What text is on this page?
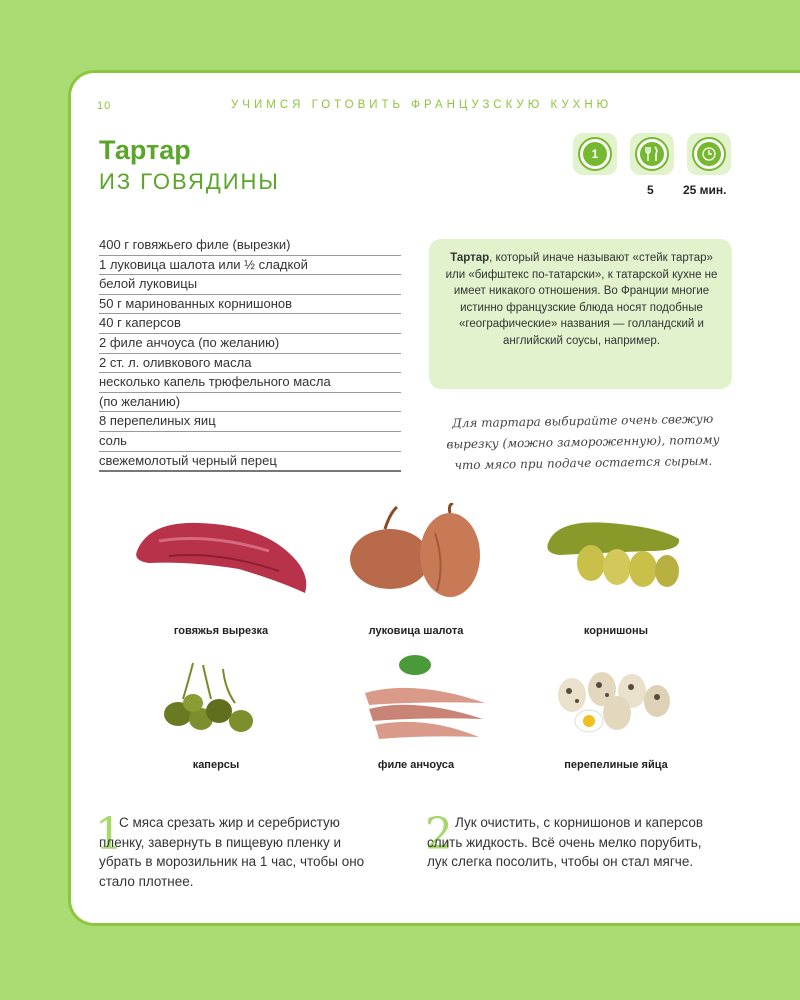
10	УЧИМСЯ ГОТОВИТЬ ФРАНЦУЗСКУЮ КУХНЮ
Тартар
ИЗ ГОВЯДИНЫ
1
5 25 мин.
400 г говяжьего филе (вырезки)
1 луковица шалота или ½ сладкой
белой луковицы
50 г маринованных корнишонов
40 г каперсов
2 филе анчоуса (по желанию)
2 ст. л. оливкового масла
несколько капель трюфельного масла
(по желанию)
8 перепелиных яиц
соль
свежемолотый черный перец
Тартар, который иначе называют «стейк тартар» или «бифштекс по-татарски», к татарской кухне не имеет никакого отношения. Во Франции многие истинно французские блюда носят подобные «географические» названия — голландский и английский соусы, например.
Для тартара выбирайте очень свежую вырезку (можно замороженную), потому что мясо при подаче остается сырым.
говяжья вырезка	луковица шалота	корнишоны
каперсы	филе анчоуса	перепелиные яйца
1
С мяса срезать жир и серебристую пленку, завернуть в пищевую пленку и убрать в морозильник на 1 час, чтобы оно стало плотнее.
2 Лук очистить, с корнишонов и каперсов слить жидкость. Всё очень мелко порубить, лук слегка посолить, чтобы он стал мягче.
